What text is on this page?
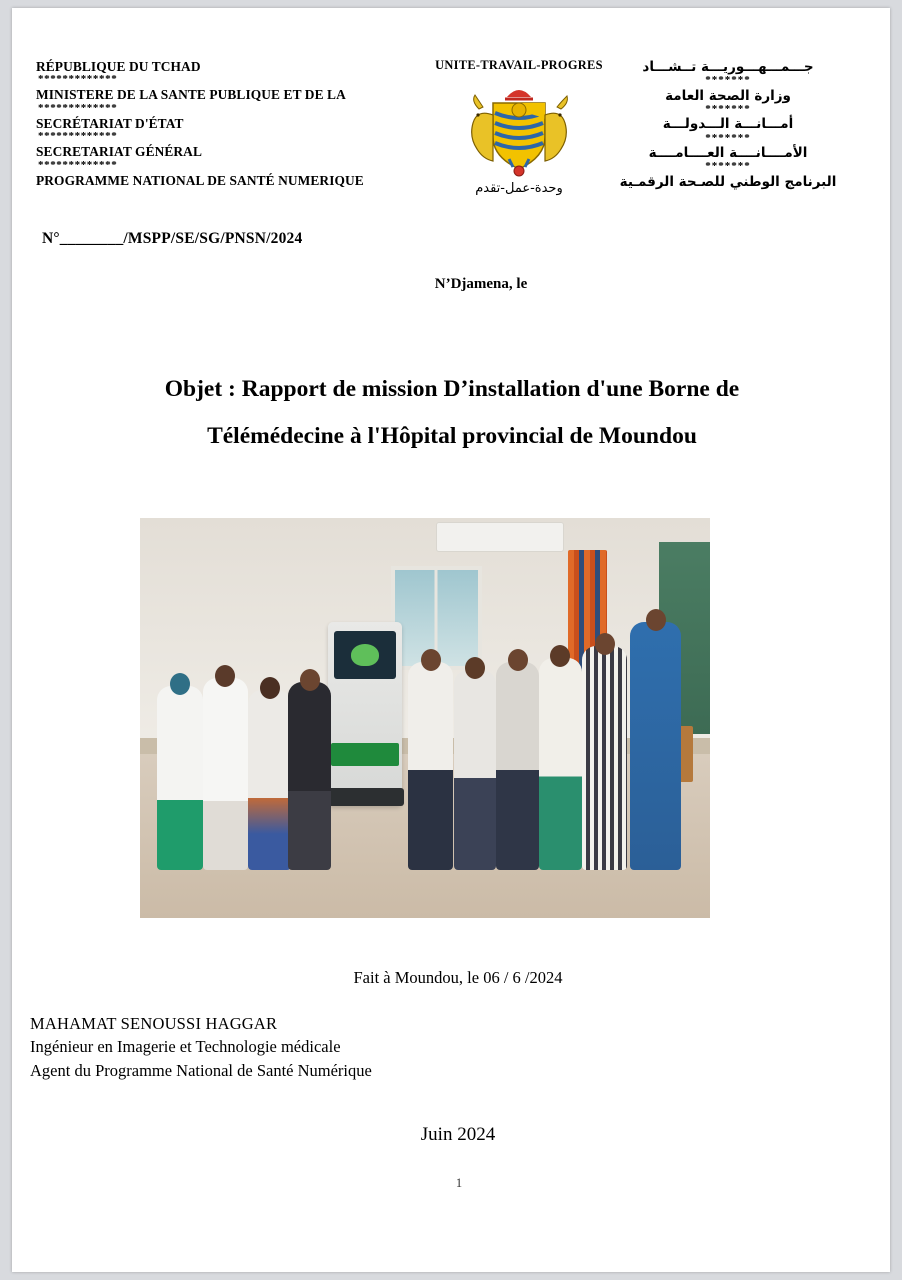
RÉPUBLIQUE DU TCHAD
*************
MINISTERE DE LA SANTE PUBLIQUE ET DE LA
*************
SECRÉTARIAT D'ÉTAT
*************
SECRETARIAT GÉNÉRAL
*************
PROGRAMME NATIONAL DE SANTÉ NUMERIQUE
UNITE-TRAVAIL-PROGRES
وحدة-عمل-تقدم
جـــمـــهـــوريـــة تــشـــاد
*******
وزارة الصحة العامة
*******
أمـــانـــة الـــدولـــة
*******
الأمــــانــــة العــــامــــة
*******
البرنامج الوطني للصـحة الرقمـية
N°________/MSPP/SE/SG/PNSN/2024
N’Djamena, le
Objet : Rapport de mission D’installation d'une Borne de Télémédecine à l'Hôpital provincial de Moundou
Fait à Moundou, le 06 / 6 /2024
MAHAMAT SENOUSSI HAGGAR
Ingénieur en Imagerie et Technologie médicale
Agent du Programme National de Santé Numérique
Juin 2024
1
